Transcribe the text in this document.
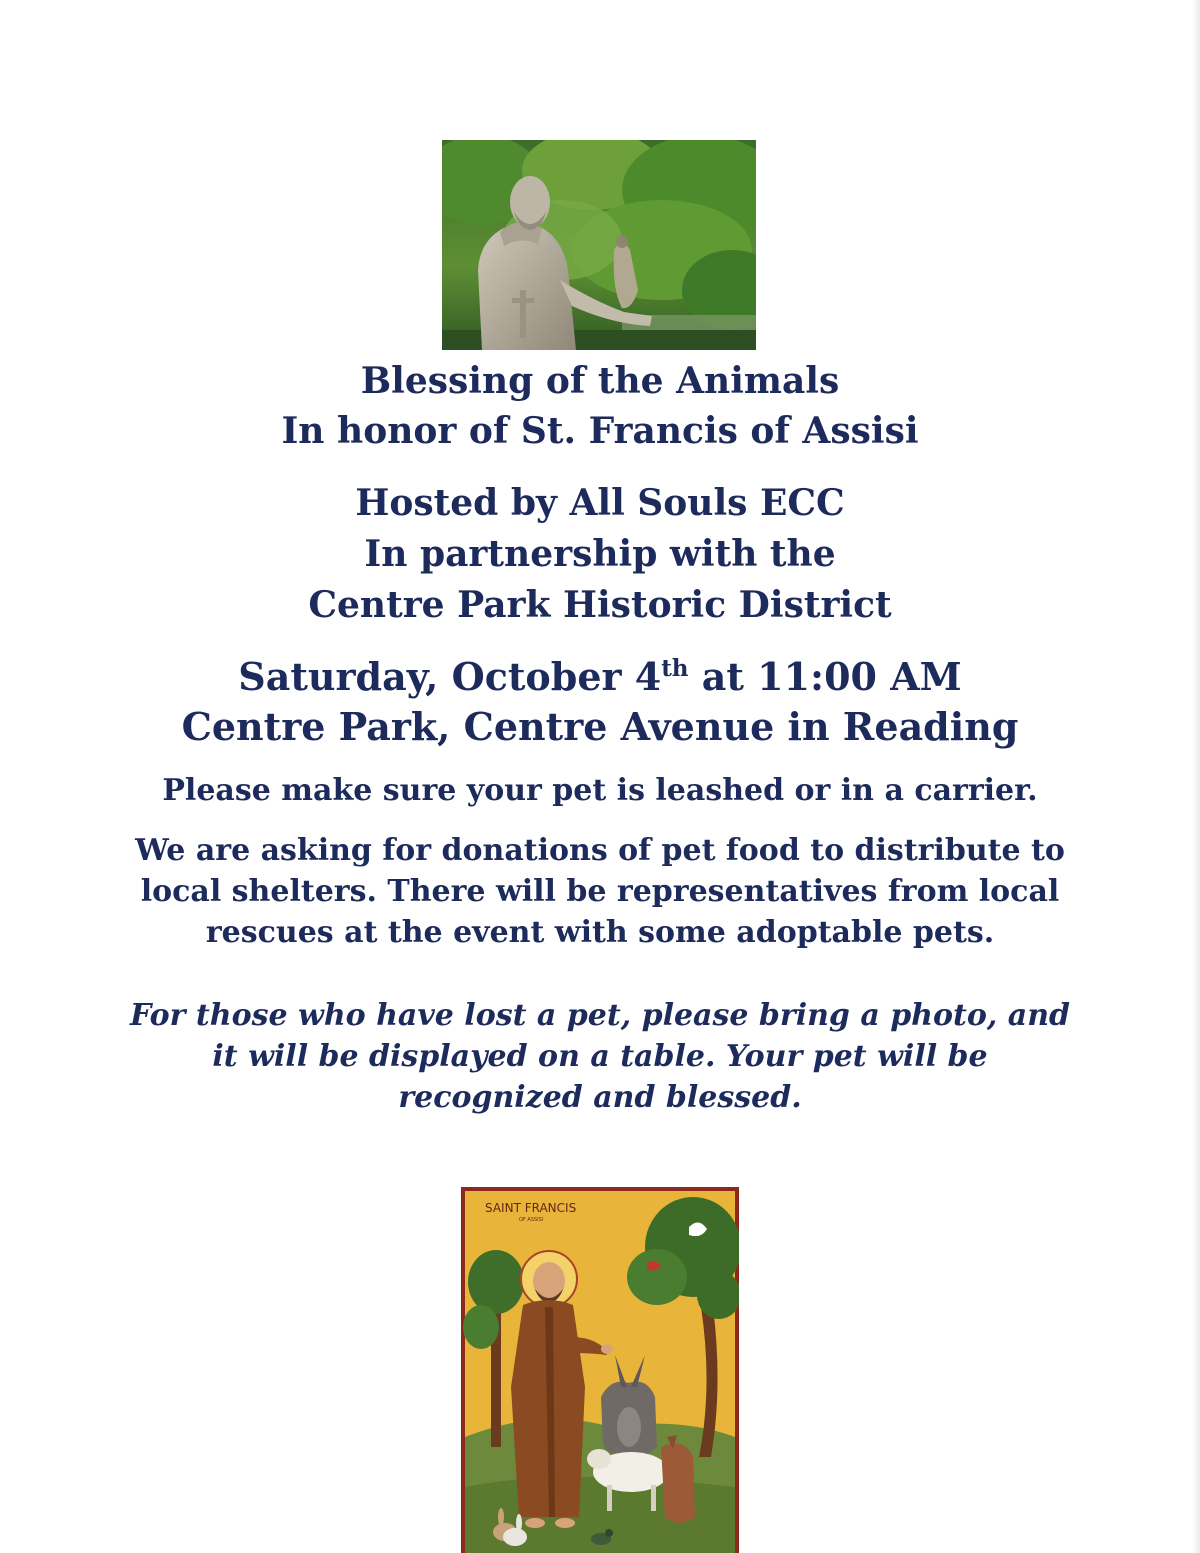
Blessing of the Animals
In honor of St. Francis of Assisi
Hosted by All Souls ECC
In partnership with the
Centre Park Historic District
Saturday, October 4th at 11:00 AM
Centre Park, Centre Avenue in Reading
Please make sure your pet is leashed or in a carrier.
We are asking for donations of pet food to distribute to
local shelters. There will be representatives from local
rescues at the event with some adoptable pets.
For those who have lost a pet, please bring a photo, and
it will be displayed on a table. Your pet will be
recognized and blessed.
SAINT FRANCIS
OF ASSISI
